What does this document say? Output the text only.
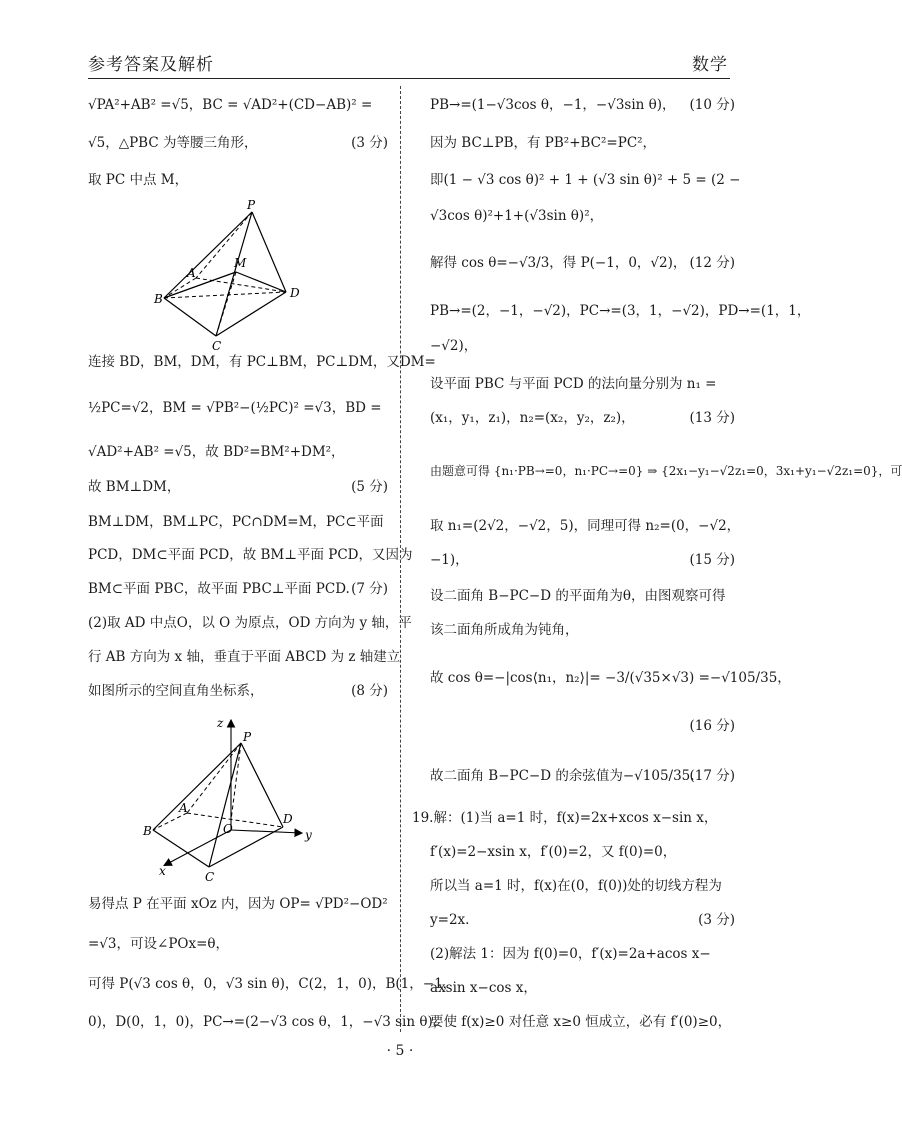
参考答案及解析	数学
√PA²+AB² =√5，BC = √AD²+(CD−AB)² =
√5，△PBC 为等腰三角形，	(3 分)
取 PC 中点 M，
P
A
M
B	D
C
连接 BD，BM，DM，有 PC⊥BM，PC⊥DM，又DM=
½PC=√2，BM = √PB²−(½PC)² =√3，BD =
√AD²+AB² =√5，故 BD²=BM²+DM²，
故 BM⊥DM，	(5 分)
BM⊥DM，BM⊥PC，PC∩DM=M，PC⊂平面
PCD，DM⊂平面 PCD，故 BM⊥平面 PCD，又因为
BM⊂平面 PBC，故平面 PBC⊥平面 PCD. (7 分)
(2)取 AD 中点O，以 O 为原点，OD 方向为 y 轴，平
行 AB 方向为 x 轴，垂直于平面 ABCD 为 z 轴建立
如图所示的空间直角坐标系，	(8 分)
z
P
A
O
B
D
y
x	C
易得点 P 在平面 xOz 内，因为 OP= √PD²−OD²
=√3，可设∠POx=θ，
可得 P(√3 cos θ，0，√3 sin θ)，C(2，1，0)，B(1，−1，
0)，D(0，1，0)，PC→=(2−√3 cos θ，1，−√3 sin θ)，
PB→=(1−√3cos θ，−1，−√3sin θ)， (10 分)
因为 BC⊥PB，有 PB²+BC²=PC²，
即(1 − √3 cos θ)² + 1 + (√3 sin θ)² + 5 = (2 −
√3cos θ)²+1+(√3sin θ)²，
解得 cos θ=−√3/3，得 P(−1，0，√2)， (12 分)
PB→=(2，−1，−√2)，PC→=(3，1，−√2)，PD→=(1，1，
−√2)，
设平面 PBC 与平面 PCD 的法向量分别为 n₁ =
(x₁，y₁，z₁)，n₂=(x₂，y₂，z₂)，	(13 分)
由题意可得 {n₁·PB→=0，n₁·PC→=0} ⇒ {2x₁−y₁−√2z₁=0，3x₁+y₁−√2z₁=0}，可
取 n₁=(2√2，−√2，5)，同理可得 n₂=(0，−√2，
−1)，	(15 分)
设二面角 B−PC−D 的平面角为θ，由图观察可得
该二面角所成角为钝角，
故 cos θ=−|cos⟨n₁，n₂⟩|= −3/(√35×√3) =−√105/35，
(16 分)
故二面角 B−PC−D 的余弦值为−√105/35.
(17 分)
19.解：(1)当 a=1 时，f(x)=2x+xcos x−sin x，
f′(x)=2−xsin x，f′(0)=2，又 f(0)=0，
所以当 a=1 时，f(x)在(0，f(0))处的切线方程为
y=2x.	(3 分)
(2)解法 1：因为 f(0)=0，f′(x)=2a+acos x−
axsin x−cos x，
要使 f(x)≥0 对任意 x≥0 恒成立，必有 f′(0)≥0，
· 5 ·
